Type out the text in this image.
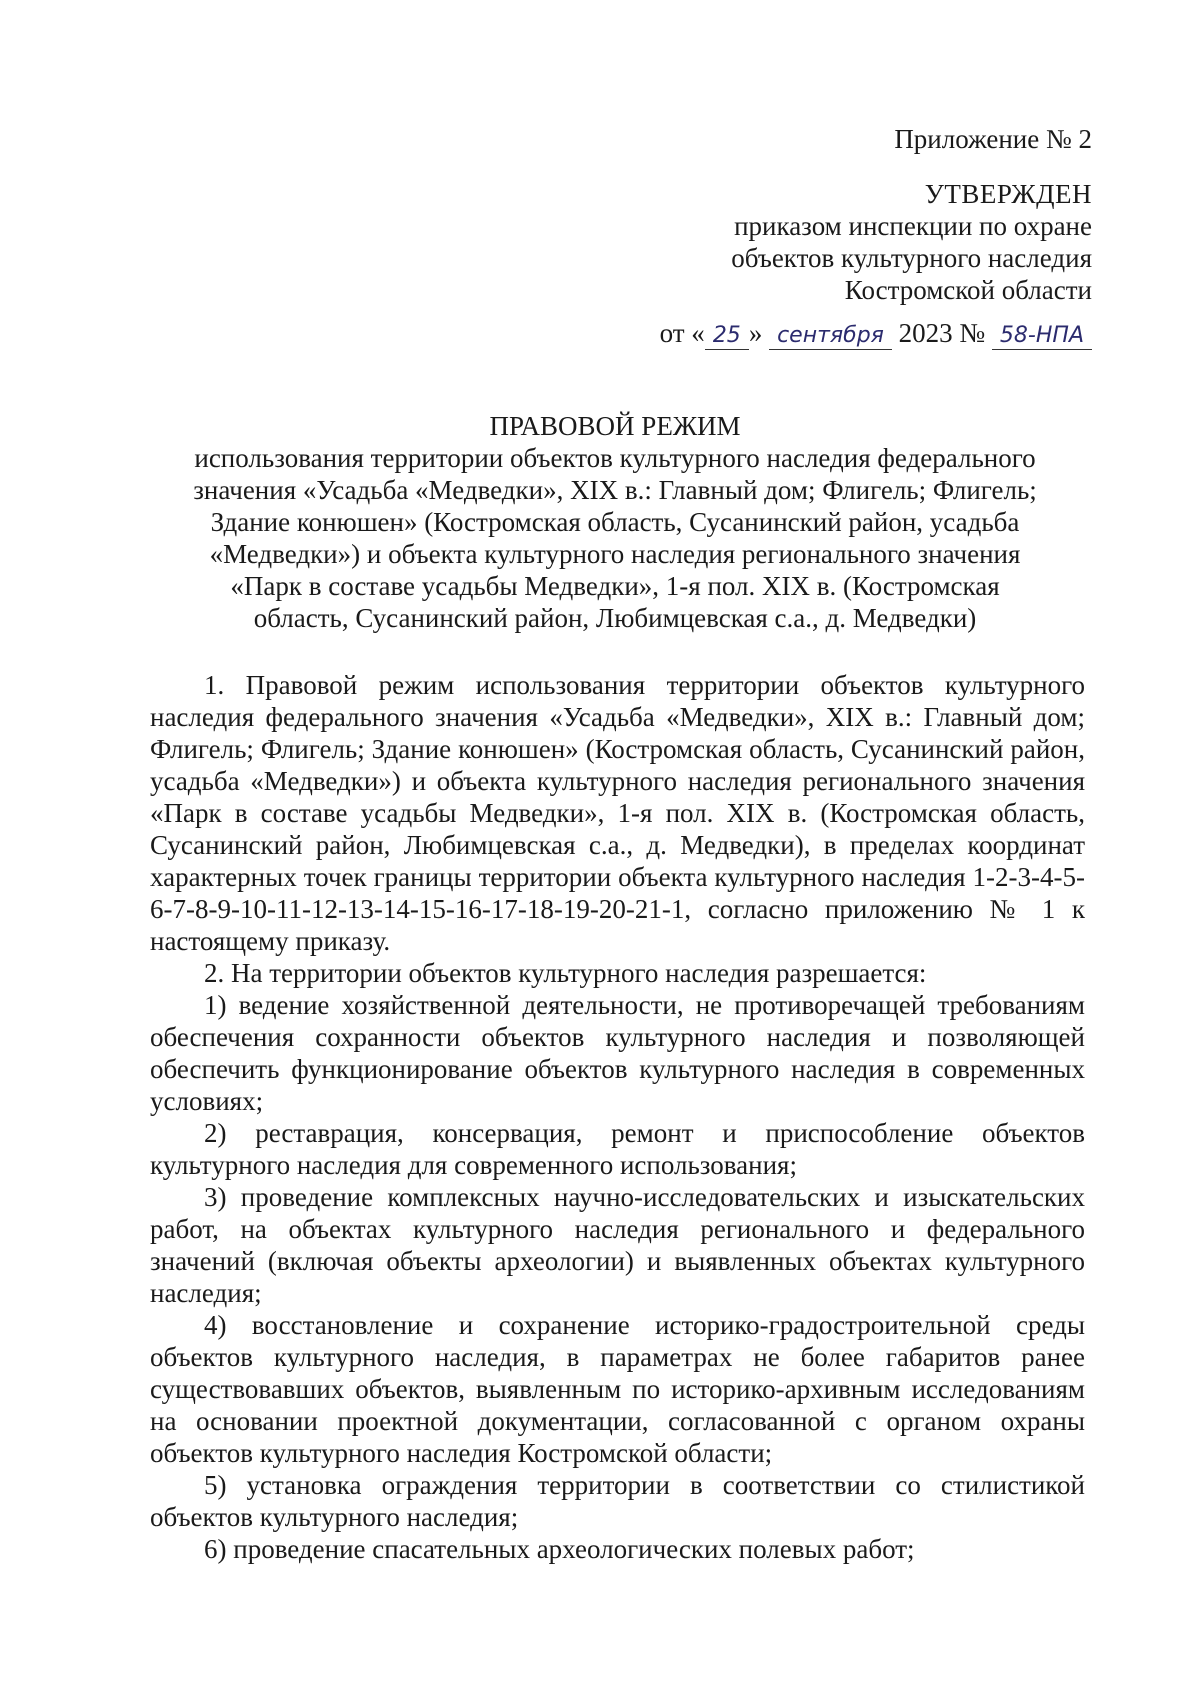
Приложение № 2
УТВЕРЖДЕН
приказом инспекции по охране
объектов культурного наследия
Костромской области
от « 25 » сентября 2023 № 58-НПА
ПРАВОВОЙ РЕЖИМ
использования территории объектов культурного наследия федерального
значения «Усадьба «Медведки», XIX в.: Главный дом; Флигель; Флигель;
Здание конюшен» (Костромская область, Сусанинский район, усадьба
«Медведки») и объекта культурного наследия регионального значения
«Парк в составе усадьбы Медведки», 1-я пол. XIX в. (Костромская
область, Сусанинский район, Любимцевская с.а., д. Медведки)

1. Правовой режим использования территории объектов культурного наследия федерального значения «Усадьба «Медведки», XIX в.: Главный дом; Флигель; Флигель; Здание конюшен» (Костромская область, Сусанинский район, усадьба «Медведки») и объекта культурного наследия регионального значения «Парк в составе усадьбы Медведки», 1-я пол. XIX в. (Костромская область, Сусанинский район, Любимцевская с.а., д. Медведки), в пределах координат характерных точек границы территории объекта культурного наследия 1-2-3-4-5-6-7-8-9-10-11-12-13-14-15-16-17-18-19-20-21-1, согласно приложению № 1 к настоящему приказу.

2. На территории объектов культурного наследия разрешается:

1) ведение хозяйственной деятельности, не противоречащей требованиям обеспечения сохранности объектов культурного наследия и позволяющей обеспечить функционирование объектов культурного наследия в современных условиях;

2) реставрация, консервация, ремонт и приспособление объектов культурного наследия для современного использования;

3) проведение комплексных научно-исследовательских и изыскательских работ, на объектах культурного наследия регионального и федерального значений (включая объекты археологии) и выявленных объектах культурного наследия;

4) восстановление и сохранение историко-градостроительной среды объектов культурного наследия, в параметрах не более габаритов ранее существовавших объектов, выявленным по историко-архивным исследованиям на основании проектной документации, согласованной с органом охраны объектов культурного наследия Костромской области;

5) установка ограждения территории в соответствии со стилистикой объектов культурного наследия;

6) проведение спасательных археологических полевых работ;
